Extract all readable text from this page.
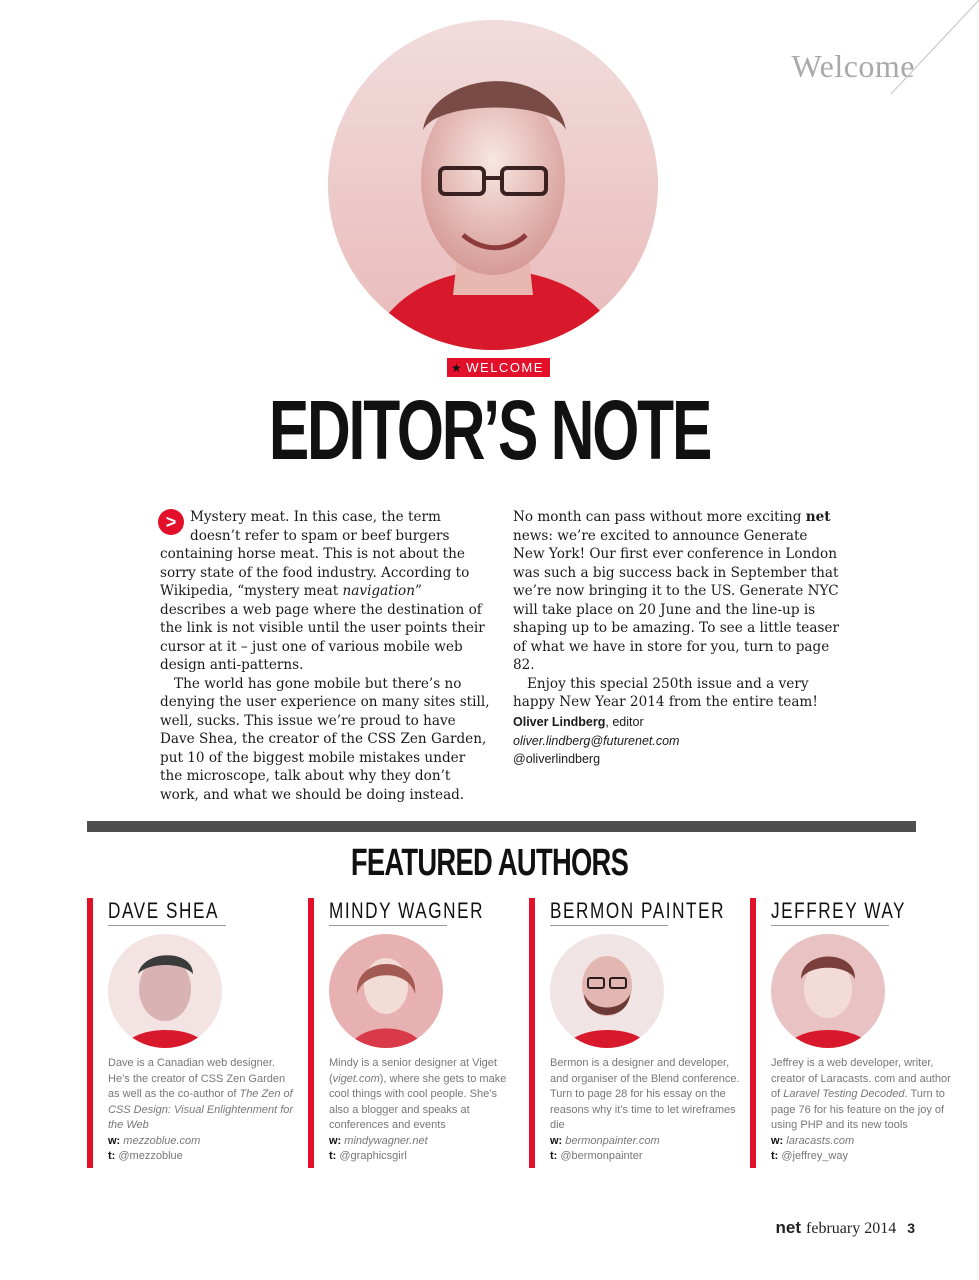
Welcome
★ WELCOME
EDITOR’S NOTE

>	Mystery meat. In this case, the term doesn’t refer to spam or beef burgers containing horse meat. This is not about the sorry state of the food industry. According to Wikipedia, “mystery meat navigation” describes a web page where the destination of the link is not visible until the user points their cursor at it – just one of various mobile web design anti-patterns.

The world has gone mobile but there’s no denying the user experience on many sites still, well, sucks. This issue we’re proud to have Dave Shea, the creator of the CSS Zen Garden, put 10 of the biggest mobile mistakes under the microscope, talk about why they don’t work, and what we should be doing instead.

No month can pass without more exciting net news: we’re excited to announce Generate New York! Our first ever conference in London was such a big success back in September that we’re now bringing it to the US. Generate NYC will take place on 20 June and the line-up is shaping up to be amazing. To see a little teaser of what we have in store for you, turn to page 82.

Enjoy this special 250th issue and a very happy New Year 2014 from the entire team!

Oliver Lindberg, editor
oliver.lindberg@futurenet.com
@oliverlindberg
FEATURED AUTHORS
DAVE SHEA
Dave is a Canadian web designer. He’s the creator of CSS Zen Garden as well as the co-author of The Zen of CSS Design: Visual Enlightenment for the Web
w: mezzoblue.com
t: @mezzoblue
MINDY WAGNER
Mindy is a senior designer at Viget (viget.com), where she gets to make cool things with cool people. She’s also a blogger and speaks at conferences and events
w: mindywagner.net
t: @graphicsgirl
BERMON PAINTER
Bermon is a designer and developer, and organiser of the Blend conference. Turn to page 28 for his essay on the reasons why it’s time to let wireframes die
w: bermonpainter.com
t: @bermonpainter
JEFFREY WAY
Jeffrey is a web developer, writer, creator of Laracasts. com and author of Laravel Testing Decoded. Turn to page 76 for his feature on the joy of using PHP and its new tools
w: laracasts.com
t: @jeffrey_way
net february 2014 3
